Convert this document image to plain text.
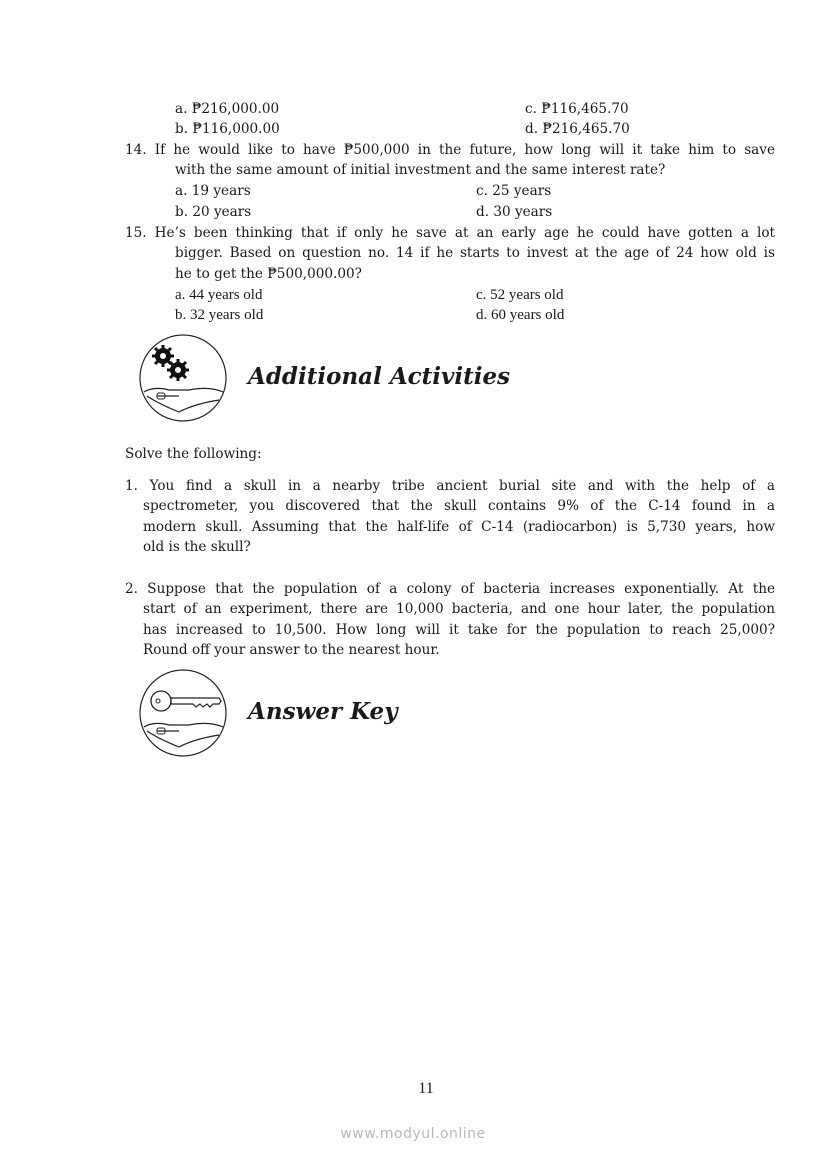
a. ₱216,000.00	c. ₱116,465.70
b. ₱116,000.00	d. ₱216,465.70
14. If he would like to have ₱500,000 in the future, how long will it take him to save
with the same amount of initial investment and the same interest rate?
a. 19 years	c. 25 years
b. 20 years	d. 30 years
15. He’s been thinking that if only he save at an early age he could have gotten a lot
bigger. Based on question no. 14 if he starts to invest at the age of 24 how old is
he to get the ₱500,000.00?
a. 44 years old	c. 52 years old
b. 32 years old	d. 60 years old
Additional Activities
Solve the following:
1. You find a skull in a nearby tribe ancient burial site and with the help of a
spectrometer, you discovered that the skull contains 9% of the C-14 found in a
modern skull. Assuming that the half-life of C-14 (radiocarbon) is 5,730 years, how
old is the skull?
2. Suppose that the population of a colony of bacteria increases exponentially. At the
start of an experiment, there are 10,000 bacteria, and one hour later, the population
has increased to 10,500. How long will it take for the population to reach 25,000?
Round off your answer to the nearest hour.
Answer Key
11
www.modyul.online
